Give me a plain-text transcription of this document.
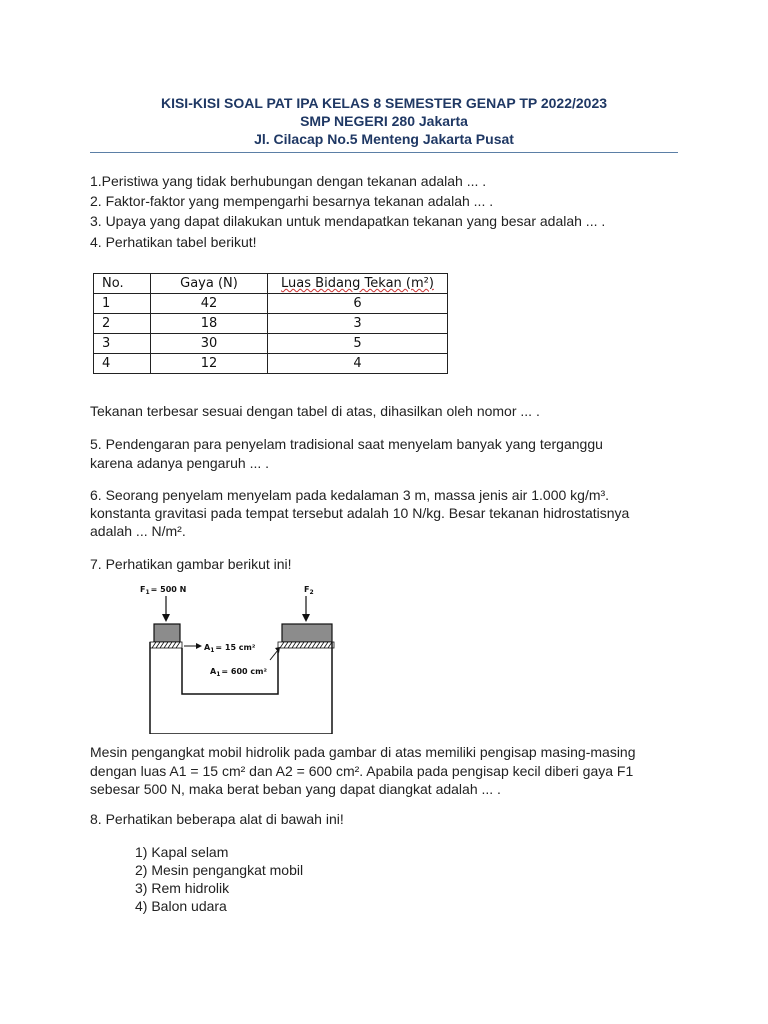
KISI-KISI SOAL PAT IPA KELAS 8 SEMESTER GENAP TP 2022/2023
SMP NEGERI 280 Jakarta
Jl. Cilacap No.5 Menteng Jakarta Pusat
1.Peristiwa yang tidak berhubungan dengan tekanan adalah ... .
2. Faktor-faktor yang mempengarhi besarnya tekanan adalah ... .
3. Upaya yang dapat dilakukan untuk mendapatkan tekanan yang besar adalah ... .
4. Perhatikan tabel berikut!
No.	Gaya (N)	Luas Bidang Tekan (m²)
1	42	6
2	18	3
3	30	5
4	12	4
Tekanan terbesar sesuai dengan tabel di atas, dihasilkan oleh nomor ... .
5. Pendengaran para penyelam tradisional saat menyelam banyak yang terganggu
karena adanya pengaruh ... .
6. Seorang penyelam menyelam pada kedalaman 3 m, massa jenis air 1.000 kg/m³.
konstanta gravitasi pada tempat tersebut adalah 10 N/kg. Besar tekanan hidrostatisnya
adalah ... N/m².
7. Perhatikan gambar berikut ini!
$F_1= 500$ N	$F_2$
$A_1= 15$ cm²
$A_1= 600$ cm²
Mesin pengangkat mobil hidrolik pada gambar di atas memiliki pengisap masing-masing
dengan luas A1 = 15 cm² dan A2 = 600 cm². Apabila pada pengisap kecil diberi gaya F1
sebesar 500 N, maka berat beban yang dapat diangkat adalah ... .
8. Perhatikan beberapa alat di bawah ini!
1) Kapal selam
2) Mesin pengangkat mobil
3) Rem hidrolik
4) Balon udara
